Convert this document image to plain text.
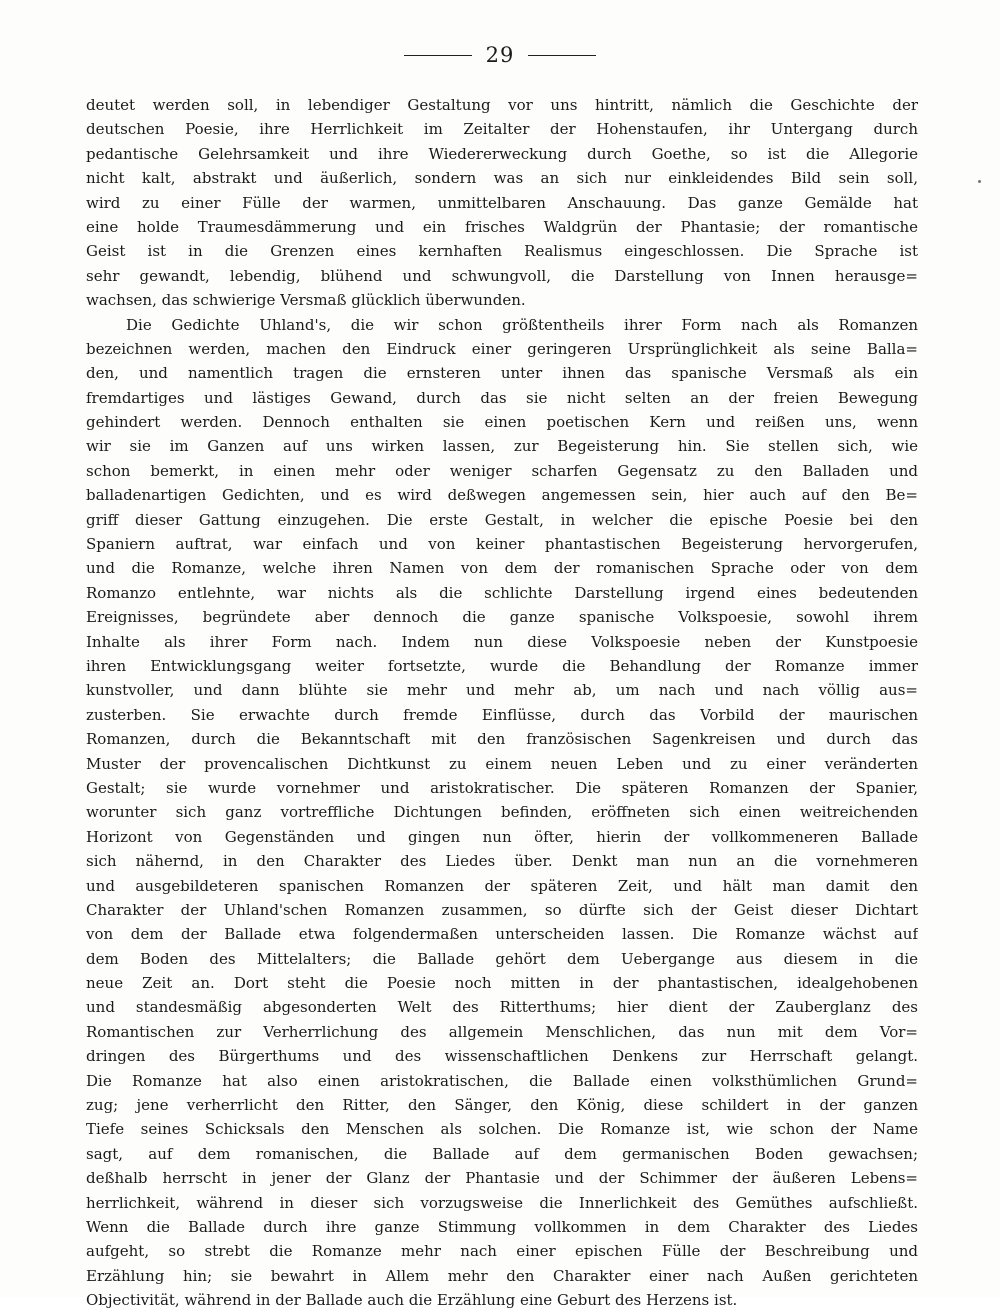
29
deutet werden soll, in lebendiger Gestaltung vor uns hintritt, nämlich die Geschichte der
deutschen Poesie, ihre Herrlichkeit im Zeitalter der Hohenstaufen, ihr Untergang durch
pedantische Gelehrsamkeit und ihre Wiedererweckung durch Goethe, so ist die Allegorie
nicht kalt, abstrakt und äußerlich, sondern was an sich nur einkleidendes Bild sein soll,
wird zu einer Fülle der warmen, unmittelbaren Anschauung. Das ganze Gemälde hat
eine holde Traumesdämmerung und ein frisches Waldgrün der Phantasie; der romantische
Geist ist in die Grenzen eines kernhaften Realismus eingeschlossen. Die Sprache ist
sehr gewandt, lebendig, blühend und schwungvoll, die Darstellung von Innen herausge=
wachsen, das schwierige Versmaß glücklich überwunden.
Die Gedichte Uhland's, die wir schon größtentheils ihrer Form nach als Romanzen
bezeichnen werden, machen den Eindruck einer geringeren Ursprünglichkeit als seine Balla=
den, und namentlich tragen die ernsteren unter ihnen das spanische Versmaß als ein
fremdartiges und lästiges Gewand, durch das sie nicht selten an der freien Bewegung
gehindert werden. Dennoch enthalten sie einen poetischen Kern und reißen uns, wenn
wir sie im Ganzen auf uns wirken lassen, zur Begeisterung hin. Sie stellen sich, wie
schon bemerkt, in einen mehr oder weniger scharfen Gegensatz zu den Balladen und
balladenartigen Gedichten, und es wird deßwegen angemessen sein, hier auch auf den Be=
griff dieser Gattung einzugehen. Die erste Gestalt, in welcher die epische Poesie bei den
Spaniern auftrat, war einfach und von keiner phantastischen Begeisterung hervorgerufen,
und die Romanze, welche ihren Namen von dem der romanischen Sprache oder von dem
Romanzo entlehnte, war nichts als die schlichte Darstellung irgend eines bedeutenden
Ereignisses, begründete aber dennoch die ganze spanische Volkspoesie, sowohl ihrem
Inhalte als ihrer Form nach. Indem nun diese Volkspoesie neben der Kunstpoesie
ihren Entwicklungsgang weiter fortsetzte, wurde die Behandlung der Romanze immer
kunstvoller, und dann blühte sie mehr und mehr ab, um nach und nach völlig aus=
zusterben. Sie erwachte durch fremde Einflüsse, durch das Vorbild der maurischen
Romanzen, durch die Bekanntschaft mit den französischen Sagenkreisen und durch das
Muster der provencalischen Dichtkunst zu einem neuen Leben und zu einer veränderten
Gestalt; sie wurde vornehmer und aristokratischer. Die späteren Romanzen der Spanier,
worunter sich ganz vortreffliche Dichtungen befinden, eröffneten sich einen weitreichenden
Horizont von Gegenständen und gingen nun öfter, hierin der vollkommeneren Ballade
sich nähernd, in den Charakter des Liedes über. Denkt man nun an die vornehmeren
und ausgebildeteren spanischen Romanzen der späteren Zeit, und hält man damit den
Charakter der Uhland'schen Romanzen zusammen, so dürfte sich der Geist dieser Dichtart
von dem der Ballade etwa folgendermaßen unterscheiden lassen. Die Romanze wächst auf
dem Boden des Mittelalters; die Ballade gehört dem Uebergange aus diesem in die
neue Zeit an. Dort steht die Poesie noch mitten in der phantastischen, idealgehobenen
und standesmäßig abgesonderten Welt des Ritterthums; hier dient der Zauberglanz des
Romantischen zur Verherrlichung des allgemein Menschlichen, das nun mit dem Vor=
dringen des Bürgerthums und des wissenschaftlichen Denkens zur Herrschaft gelangt.
Die Romanze hat also einen aristokratischen, die Ballade einen volksthümlichen Grund=
zug; jene verherrlicht den Ritter, den Sänger, den König, diese schildert in der ganzen
Tiefe seines Schicksals den Menschen als solchen. Die Romanze ist, wie schon der Name
sagt, auf dem romanischen, die Ballade auf dem germanischen Boden gewachsen;
deßhalb herrscht in jener der Glanz der Phantasie und der Schimmer der äußeren Lebens=
herrlichkeit, während in dieser sich vorzugsweise die Innerlichkeit des Gemüthes aufschließt.
Wenn die Ballade durch ihre ganze Stimmung vollkommen in dem Charakter des Liedes
aufgeht, so strebt die Romanze mehr nach einer epischen Fülle der Beschreibung und
Erzählung hin; sie bewahrt in Allem mehr den Charakter einer nach Außen gerichteten
Objectivität, während in der Ballade auch die Erzählung eine Geburt des Herzens ist.
